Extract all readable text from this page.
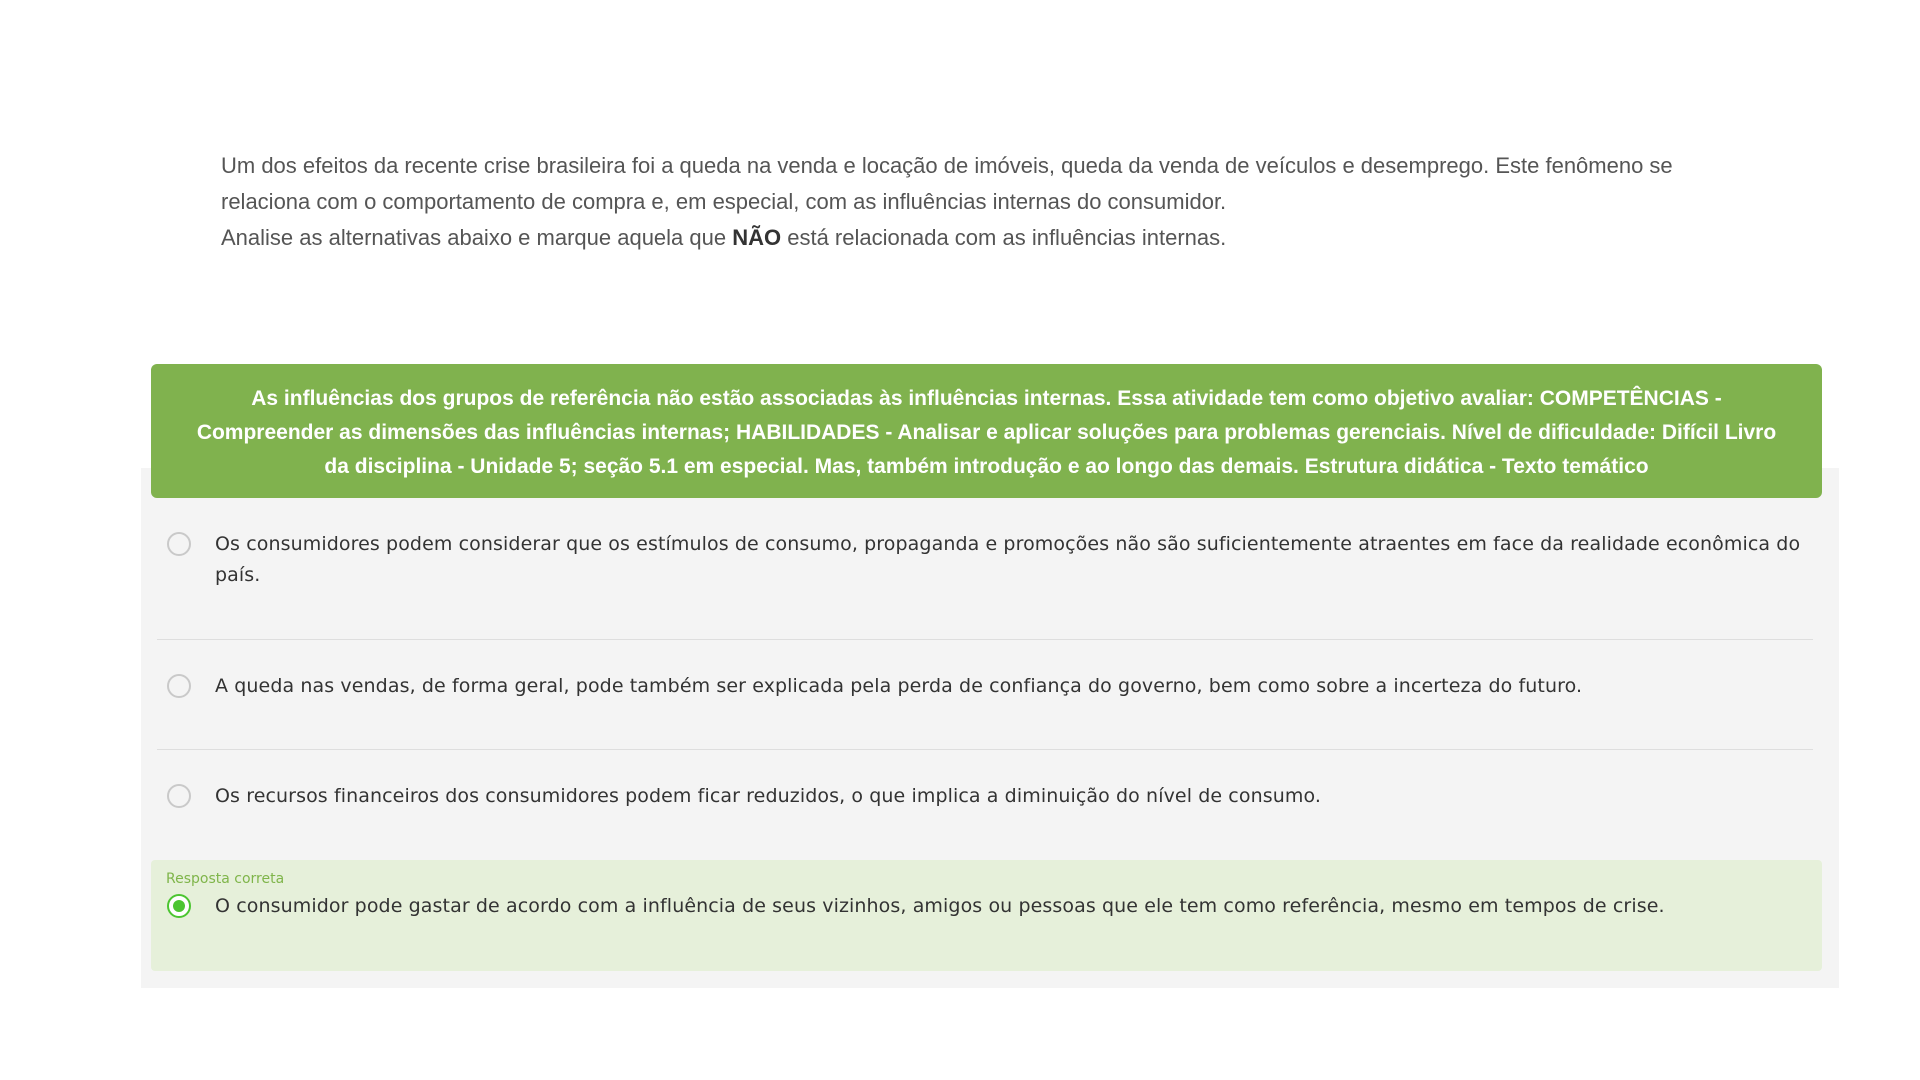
Um dos efeitos da recente crise brasileira foi a queda na venda e locação de imóveis, queda da venda de veículos e desemprego. Este fenômeno se relaciona com o comportamento de compra e, em especial, com as influências internas do consumidor.

Analise as alternativas abaixo e marque aquela que NÃO está relacionada com as influências internas.

As influências dos grupos de referência não estão associadas às influências internas. Essa atividade tem como objetivo avaliar: COMPETÊNCIAS - Compreender as dimensões das influências internas; HABILIDADES - Analisar e aplicar soluções para problemas gerenciais. Nível de dificuldade: Difícil Livro da disciplina - Unidade 5; seção 5.1 em especial. Mas, também introdução e ao longo das demais. Estrutura didática - Texto temático
Os consumidores podem considerar que os estímulos de consumo, propaganda e promoções não são suficientemente atraentes em face da realidade econômica do país.
A queda nas vendas, de forma geral, pode também ser explicada pela perda de confiança do governo, bem como sobre a incerteza do futuro.
Os recursos financeiros dos consumidores podem ficar reduzidos, o que implica a diminuição do nível de consumo.
Resposta correta
O consumidor pode gastar de acordo com a influência de seus vizinhos, amigos ou pessoas que ele tem como referência, mesmo em tempos de crise.
